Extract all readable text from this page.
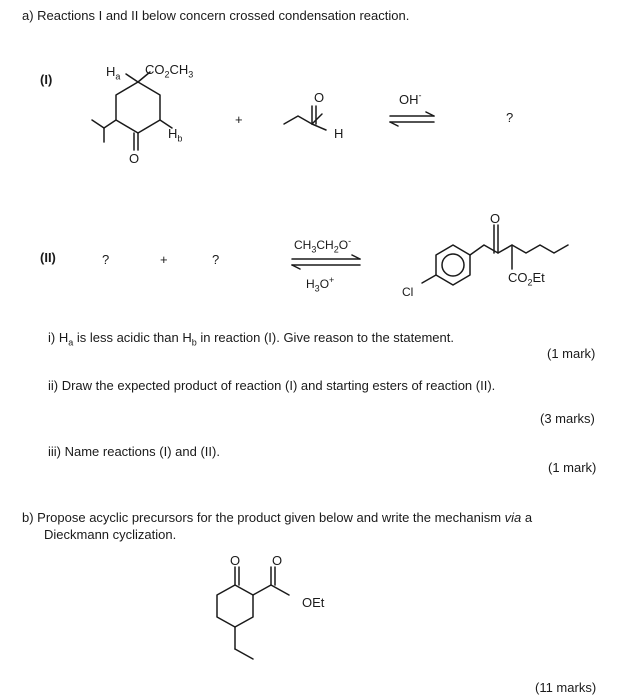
a) Reactions I and II below concern crossed condensation reaction.
(I)
$H_a$ $CO_2CH_3$
$H_b$
O
+
O
H
OH-
?
(II)	?	+	?
$CH_3CH_2O^-$
$H_3O^+$
O
Cl
$CO_2Et$
i) $H_a$ is less acidic than $H_b$ in reaction (I). Give reason to the statement.
(1 mark)
ii) Draw the expected product of reaction (I) and starting esters of reaction (II).
(3 marks)
iii) Name reactions (I) and (II).
(1 mark)
b) Propose acyclic precursors for the product given below and write the mechanism via a
Dieckmann cyclization.
O O
OEt
(11 marks)
